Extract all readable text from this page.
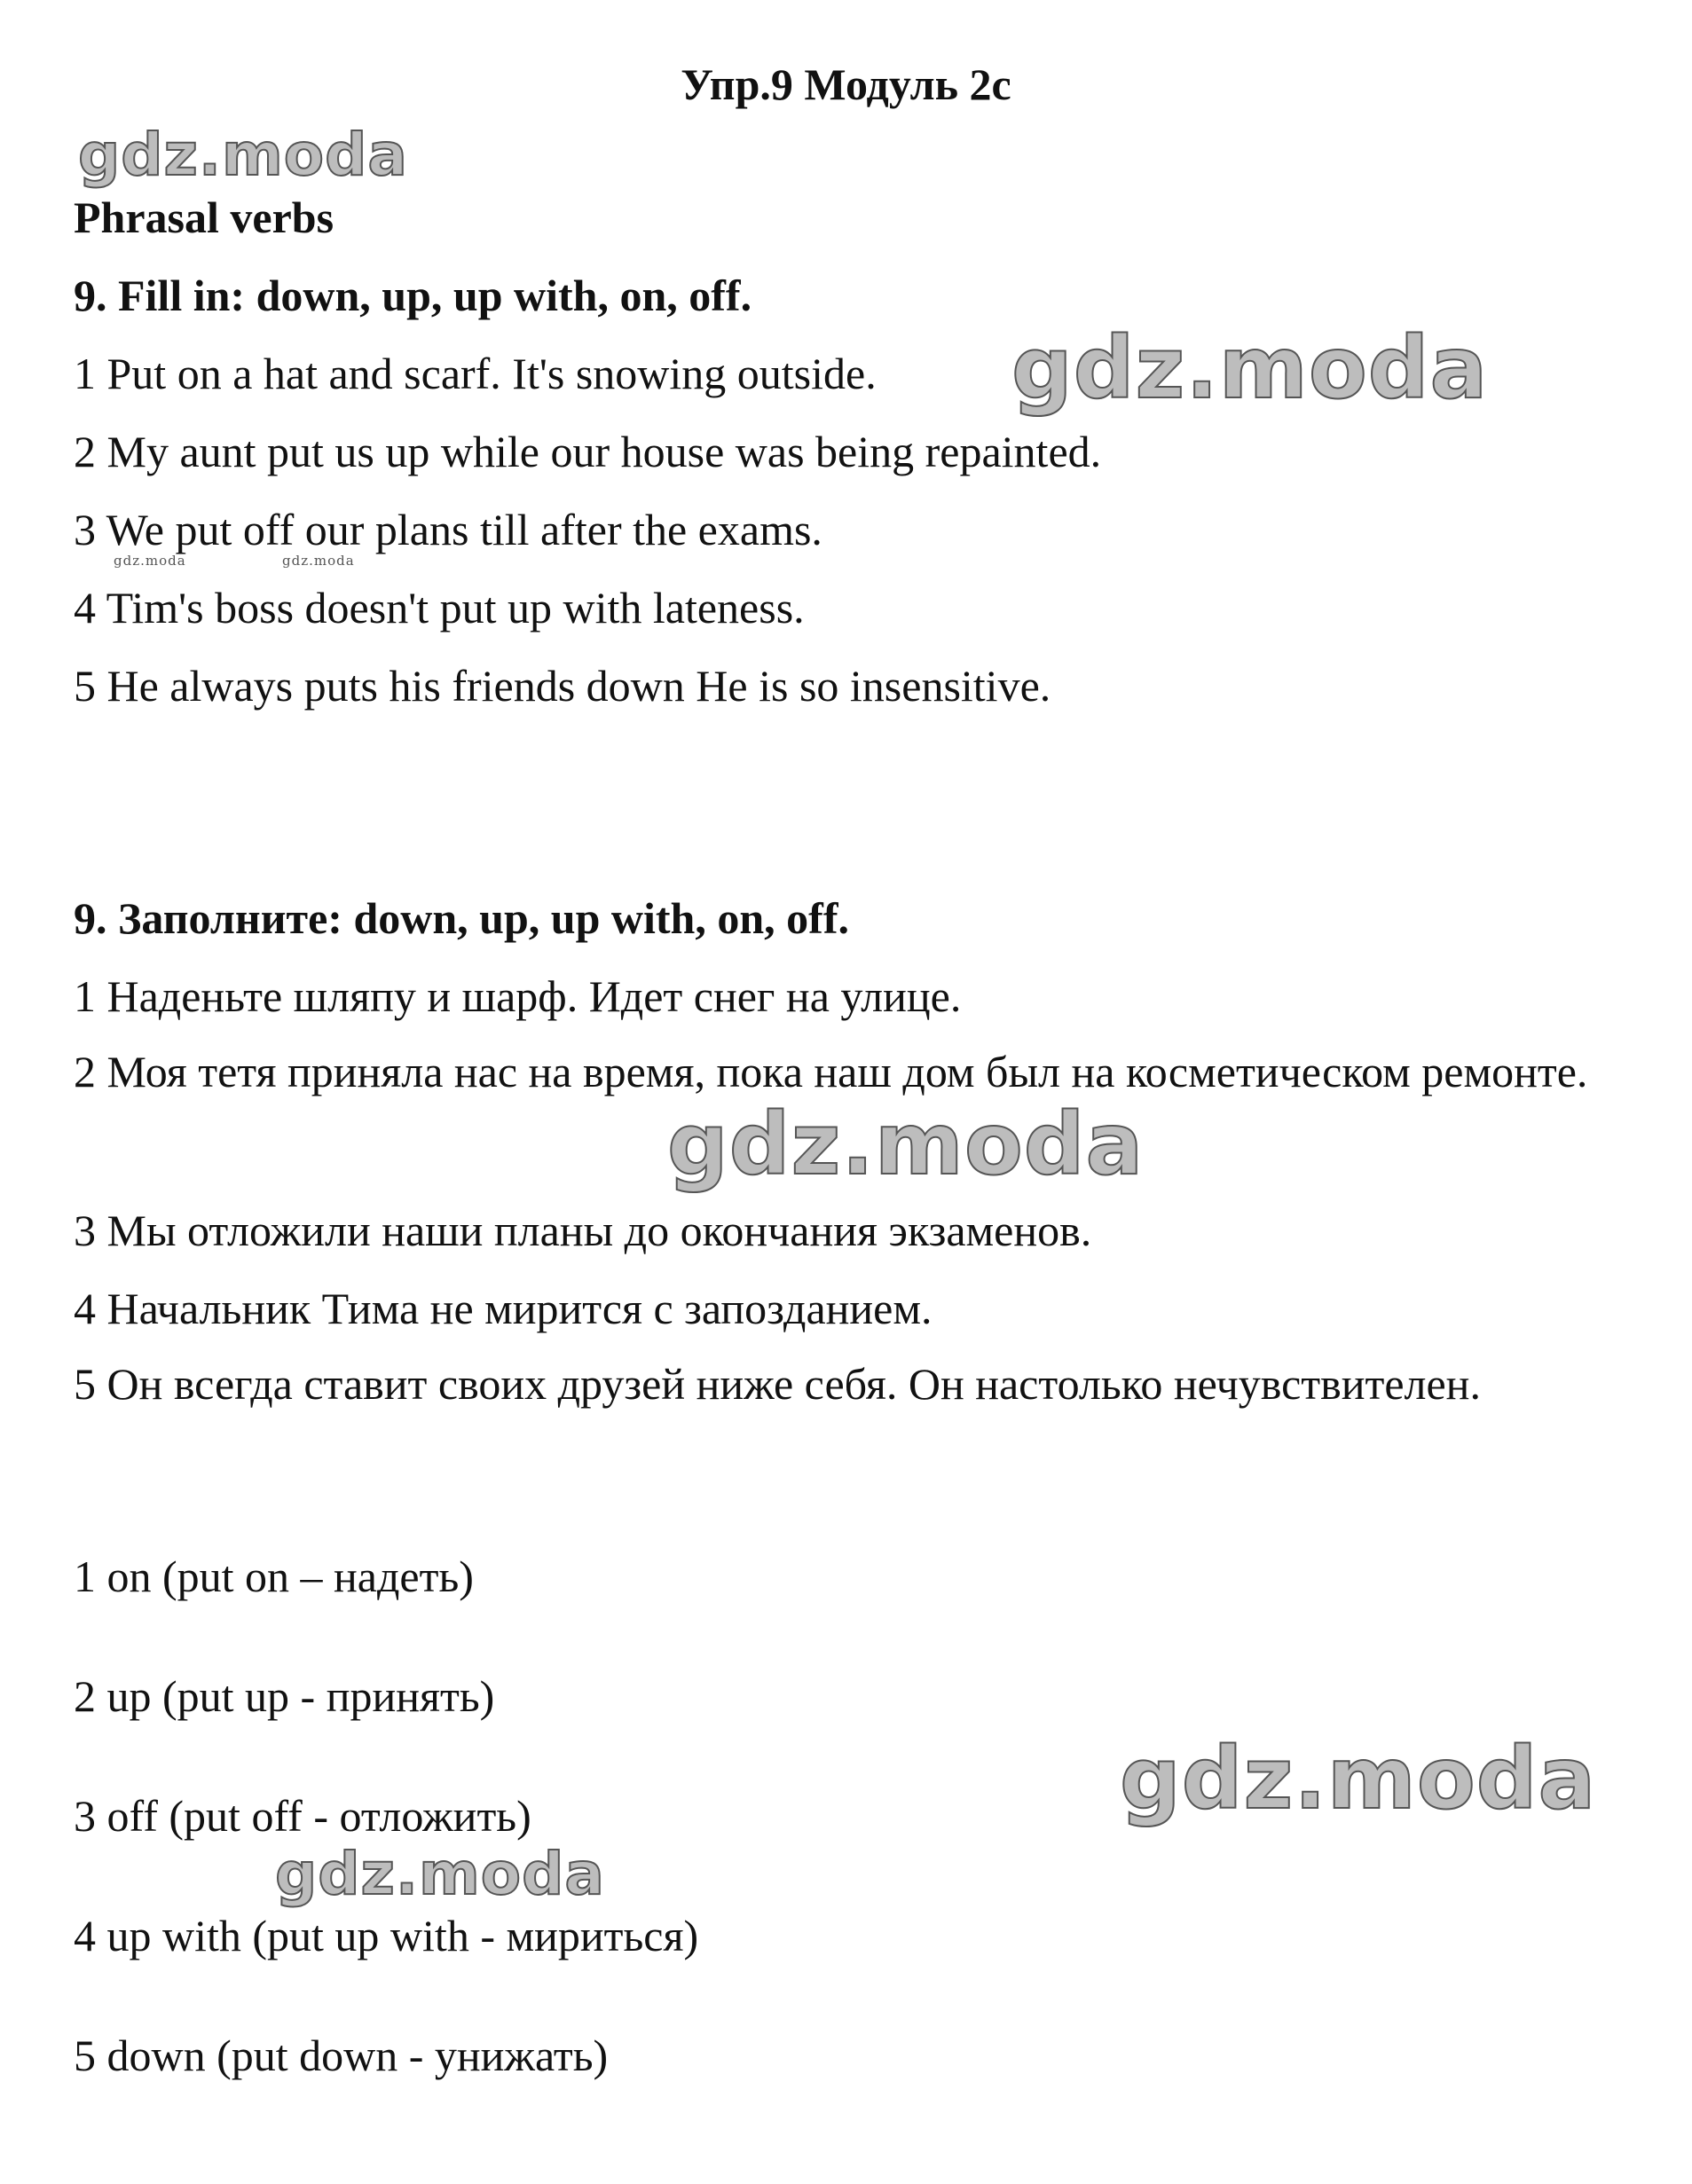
Упр.9 Модуль 2с
gdz.moda
gdz.moda
gdz.moda	gdz.moda
gdz.moda
gdz.moda
gdz.moda
Phrasal verbs
9. Fill in: down, up, up with, on, off.
1 Put on a hat and scarf. It's snowing outside.
2 My aunt put us up while our house was being repainted.
3 We put off our plans till after the exams.
4 Tim's boss doesn't put up with lateness.
5 He always puts his friends down He is so insensitive.
9. Заполните: down, up, up with, on, off.
1 Наденьте шляпу и шарф. Идет снег на улице.
2 Моя тетя приняла нас на время, пока наш дом был на косметическом ремонте.
3 Мы отложили наши планы до окончания экзаменов.
4 Начальник Тима не мирится с запозданием.
5 Он всегда ставит своих друзей ниже себя. Он настолько нечувствителен.
1 on (put on – надеть)
2 up (put up - принять)
3 off (put off - отложить)
4 up with (put up with - мириться)
5 down (put down - унижать)
